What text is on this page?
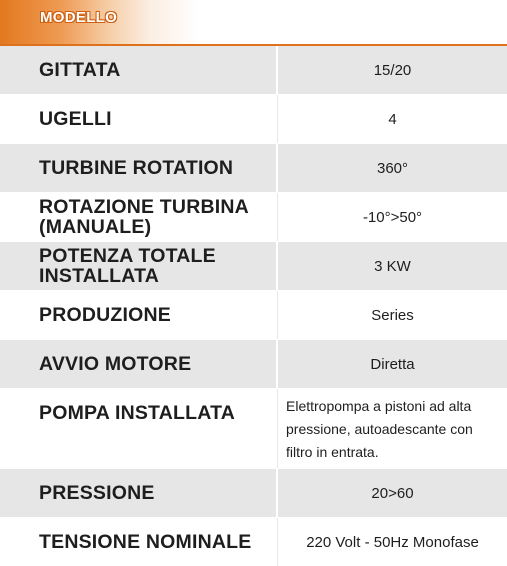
MODELLO
GITTATA	15/20
UGELLI	4
TURBINE ROTATION	360°
ROTAZIONE TURBINA (MANUALE)	-10°>50°
POTENZA TOTALE INSTALLATA	3 KW
PRODUZIONE	Series
AVVIO MOTORE	Diretta
POMPA INSTALLATA	Elettropompa a pistoni ad alta pressione, autoadescante con filtro in entrata.
PRESSIONE	20>60
TENSIONE NOMINALE	220 Volt - 50Hz Monofase
